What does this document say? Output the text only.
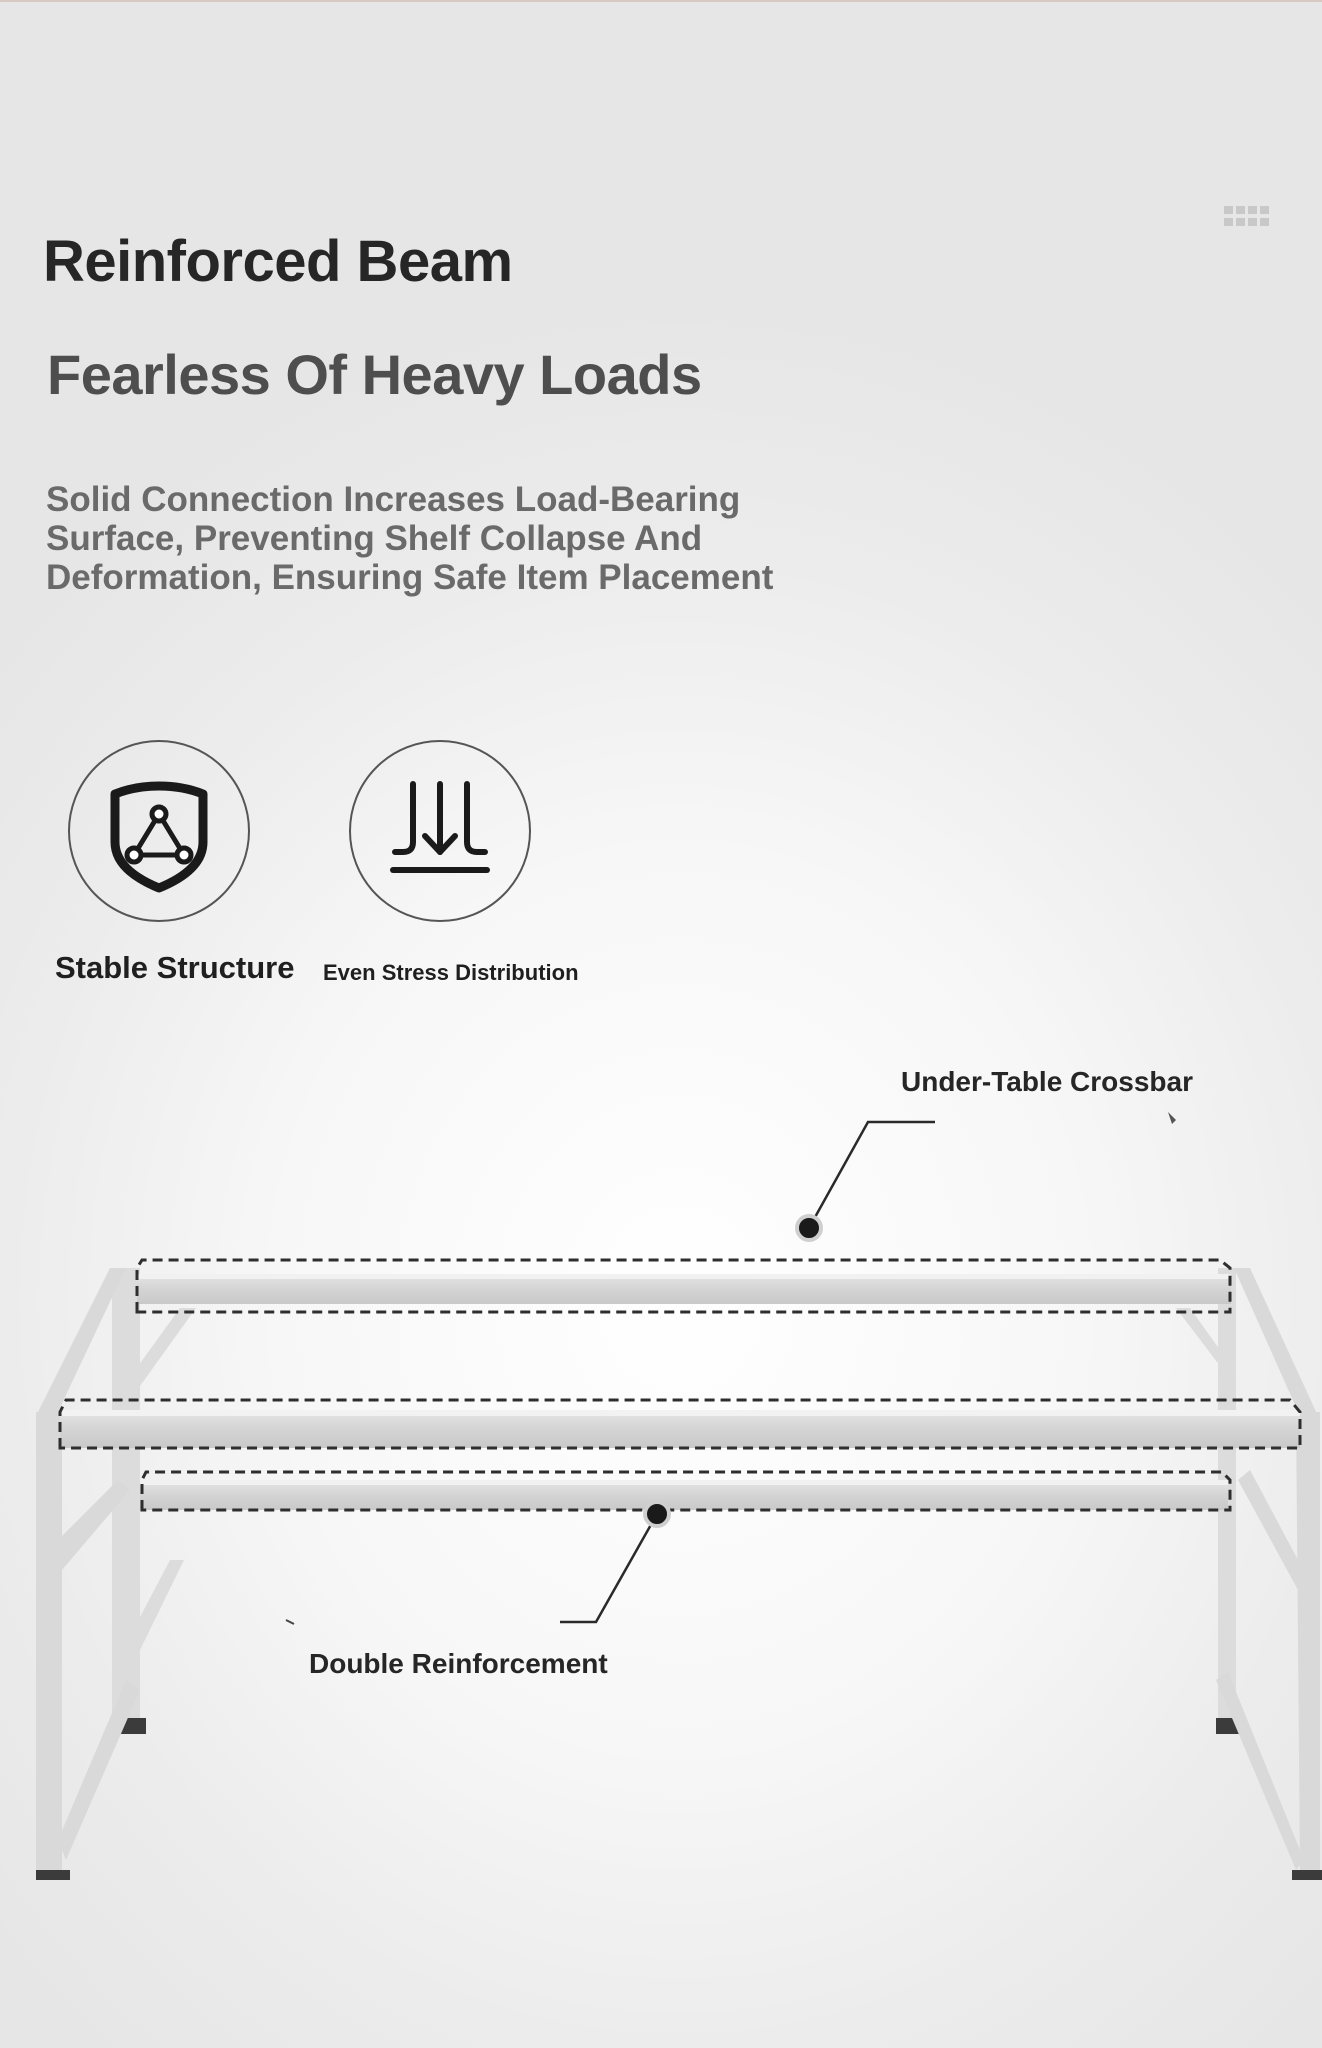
Reinforced Beam
Fearless Of Heavy Loads

Solid Connection Increases Load-Bearing Surface, Preventing Shelf Collapse And Deformation, Ensuring Safe Item Placement

Stable Structure Even Stress Distribution

Under-Table Crossbar

Double Reinforcement
